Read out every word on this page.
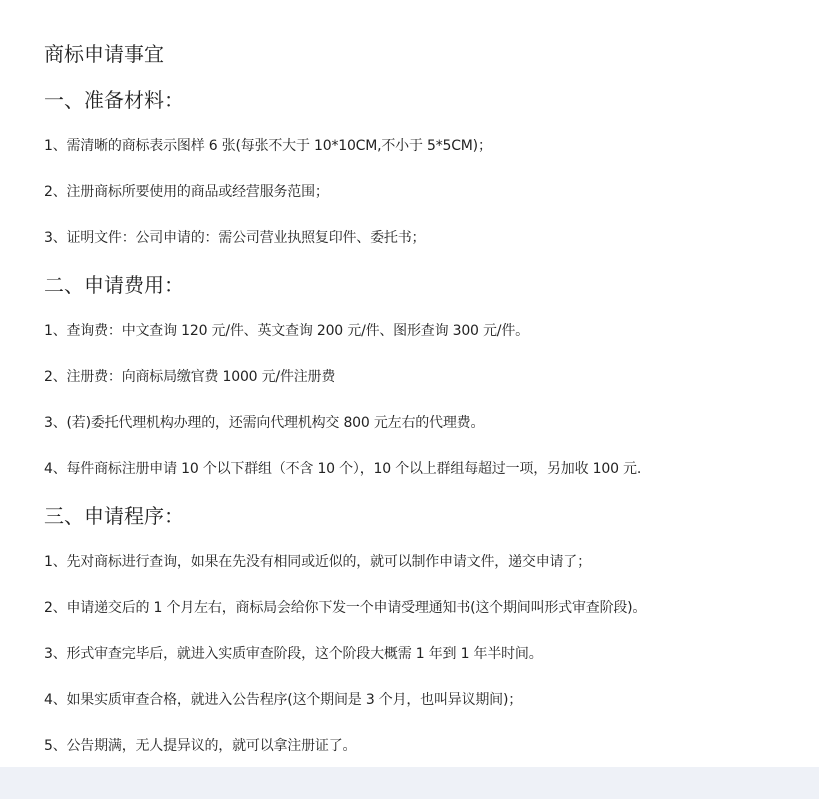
商标申请事宜
一、准备材料：
1、需清晰的商标表示图样 6 张(每张不大于 10*10CM,不小于 5*5CM)；
2、注册商标所要使用的商品或经营服务范围；
3、证明文件：公司申请的：需公司营业执照复印件、委托书；
二、申请费用：
1、查询费：中文查询 120 元/件、英文查询 200 元/件、图形查询 300 元/件。
2、注册费：向商标局缴官费 1000 元/件注册费
3、(若)委托代理机构办理的，还需向代理机构交 800 元左右的代理费。
4、每件商标注册申请 10 个以下群组（不含 10 个），10 个以上群组每超过一项，另加收 100 元.
三、申请程序：
1、先对商标进行查询，如果在先没有相同或近似的，就可以制作申请文件，递交申请了；
2、申请递交后的 1 个月左右，商标局会给你下发一个申请受理通知书(这个期间叫形式审查阶段)。
3、形式审查完毕后，就进入实质审查阶段，这个阶段大概需 1 年到 1 年半时间。
4、如果实质审查合格，就进入公告程序(这个期间是 3 个月，也叫异议期间)；
5、公告期满，无人提异议的，就可以拿注册证了。
